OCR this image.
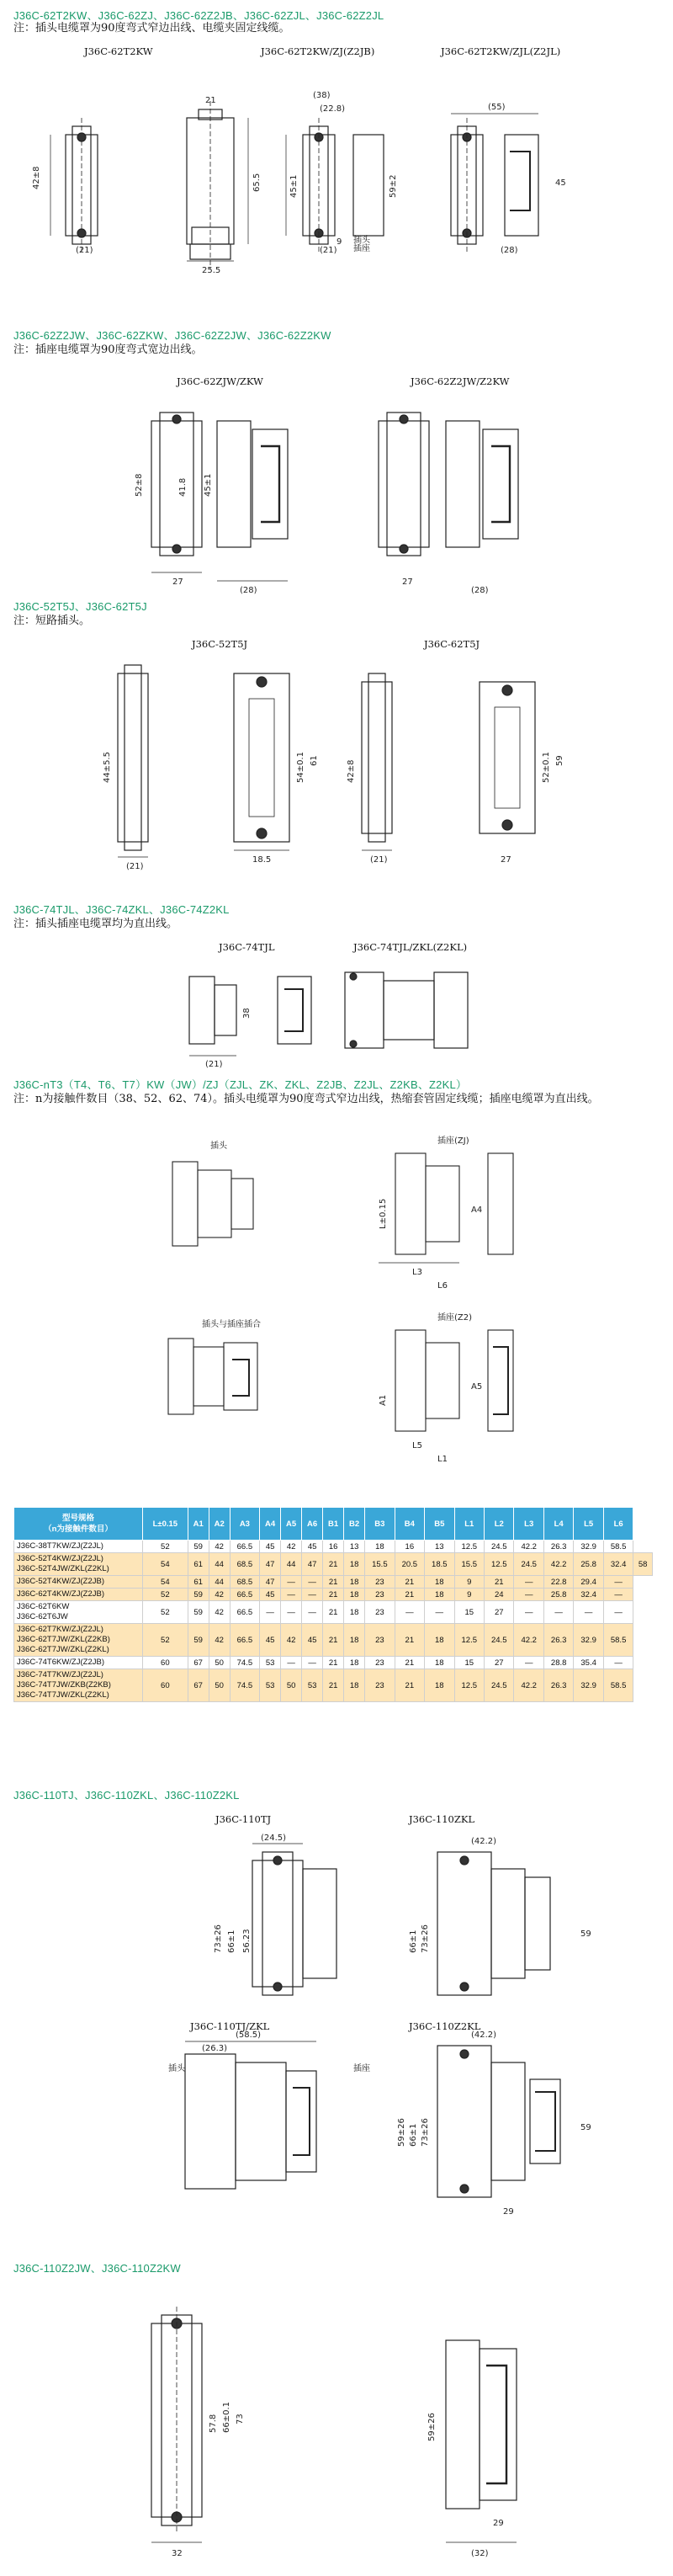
J36C-62T2KW、J36C-62ZJ、J36C-62Z2JB、J36C-62ZJL、J36C-62Z2JL
注：插头电缆罩为90度弯式窄边出线、电缆夹固定线缆。
J36C-62T2KW	J36C-62T2KW/ZJ(Z2JB)	J36C-62T2KW/ZJL(Z2JL)
42±8
(21)
21
25.5
65.5
(38)
(22.8)
45±1	59±2
(21)
9
(55)
45
(28)
插头
插座
J36C-62Z2JW、J36C-62ZKW、J36C-62Z2JW、J36C-62Z2KW
注：插座电缆罩为90度弯式宽边出线。
J36C-62ZJW/ZKW	J36C-62Z2JW/Z2KW
52±8	41.8 45±1
27
(28)
27
(28)
J36C-52T5J、J36C-62T5J
注：短路插头。
J36C-52T5J	J36C-62T5J
44±5.5	54±0.1 61
(21)
18.5
42±8	52±0.1 59
(21)	27
J36C-74TJL、J36C-74ZKL、J36C-74Z2KL
注：插头插座电缆罩均为直出线。
J36C-74TJL	J36C-74TJL/ZKL(Z2KL)
38
(21)
J36C-nT3（T4、T6、T7）KW（JW）/ZJ（ZJL、ZK、ZKL、Z2JB、Z2JL、Z2KB、Z2KL）
注：n为接触件数目（38、52、62、74）。插头电缆罩为90度弯式窄边出线，热缩套管固定线缆；插座电缆罩为直出线。
插头
插座(ZJ)
插头与插座插合
插座(Z2)
L±0.15
L3
L6
A4
A1
L5
L1
A5
型号规格
（n为接触件数目）	L±0.15	A1	A2	A3	A4	A5	A6	B1	B2	B3	B4	B5	L1	L2	L3	L4	L5	L6	

J36C-38T7KW/ZJ(Z2JL)	52	59	42	66.5	45	42	45	16	13	18	16	13	12.5	24.5	42.2	26.3	32.9	58.5	

J36C-52T4KW/ZJ(Z2JL)
J36C-52T4JW/ZKL(Z2KL)	54	61	44	68.5	47	44	47	21	18	15.5	20.5	18.5	15.5	12.5	24.5	42.2	25.8	32.4	58

J36C-52T4KW/ZJ(Z2JB)	54	61	44	68.5	47	—	—	21	18	23	21	18	9	21	—	22.8	29.4	—	

J36C-62T4KW/ZJ(Z2JB)	52	59	42	66.5	45	—	—	21	18	23	21	18	9	24	—	25.8	32.4	—	

J36C-62T6KW
J36C-62T6JW	52	59	42	66.5	—	—	—	21	18	23	—	—	15	27	—	—	—	—	

J36C-62T7KW/ZJ(Z2JL)
J36C-62T7JW/ZKL(Z2KB)
J36C-62T7JW/ZKL(Z2KL)	52	59	42	66.5	45	42	45	21	18	23	21	18	12.5	24.5	42.2	26.3	32.9	58.5	

J36C-74T6KW/ZJ(Z2JB)	60	67	50	74.5	53	—	—	21	18	23	21	18	15	27	—	28.8	35.4	—	

J36C-74T7KW/ZJ(Z2JL)
J36C-74T7JW/ZKB(Z2KB)
J36C-74T7JW/ZKL(Z2KL)	60	67	50	74.5	53	50	53	21	18	23	21	18	12.5	24.5	42.2	26.3	32.9	58.5	
J36C-110TJ、J36C-110ZKL、J36C-110Z2KL
J36C-110TJ	J36C-110ZKL
J36C-110TJ/ZKL	J36C-110Z2KL
(24.5)
56.23
66±1
73±26
(42.2)
59
73±26
66±1
(58.5)
(26.3)
插头	插座
73±26
66±1
59±26
(42.2)
59
29
J36C-110Z2JW、J36C-110Z2KW
57.8 66±0.1 73
32
59±26
29
(32)
